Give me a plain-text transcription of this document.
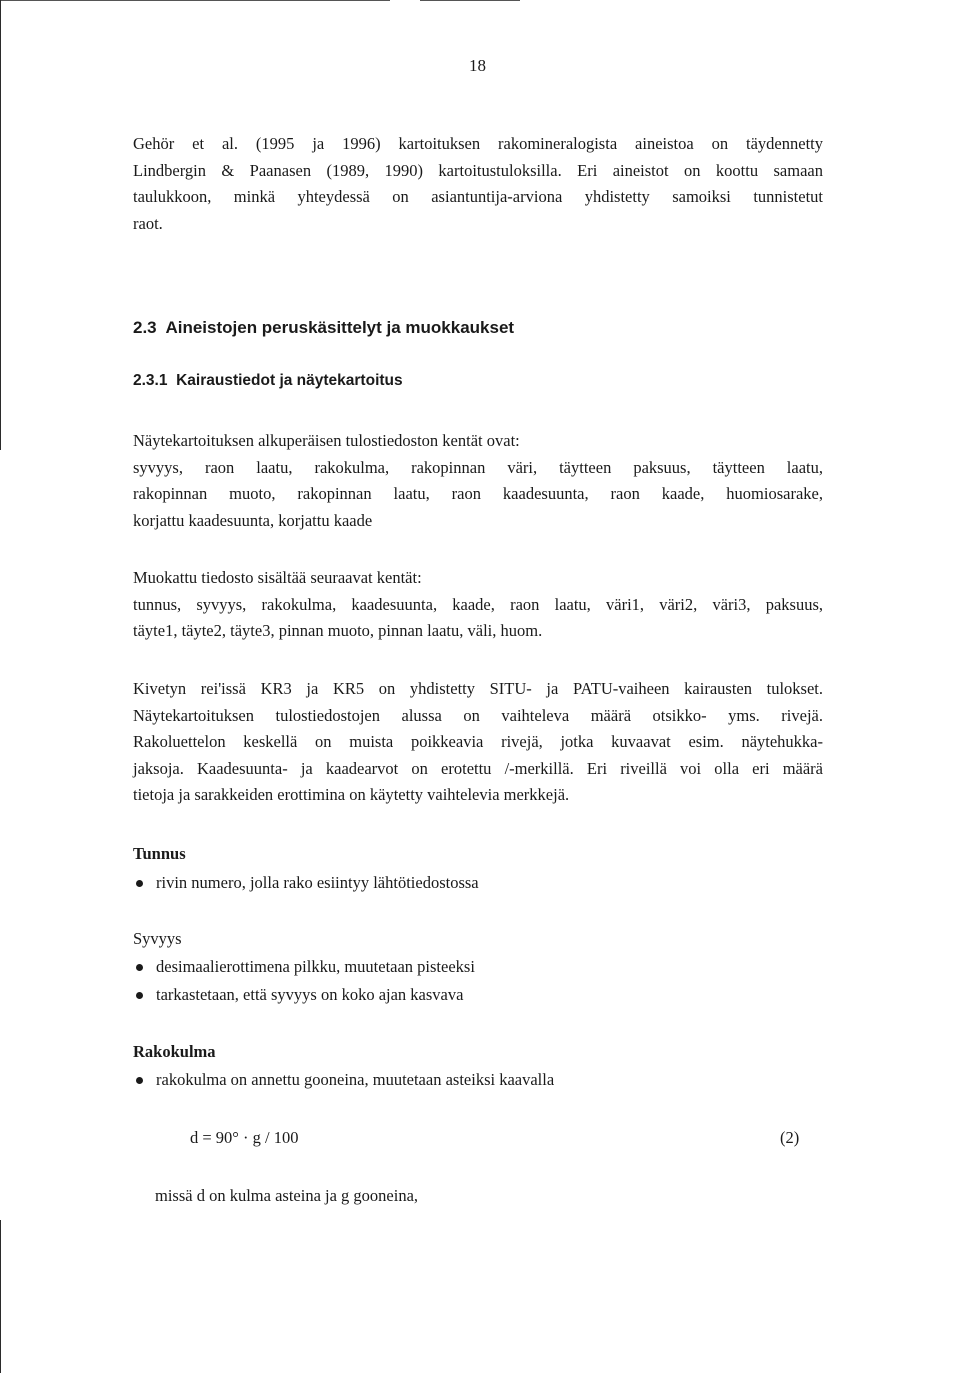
18

Gehör et al. (1995 ja 1996) kartoituksen rakomineralogista aineistoa on täydennetty
Lindbergin & Paanasen (1989, 1990) kartoitustuloksilla. Eri aineistot on koottu samaan
taulukkoon, minkä yhteydessä on asiantuntija-arviona yhdistetty samoiksi tunnistetut
raot.

2.3  Aineistojen peruskäsittelyt ja muokkaukset
2.3.1  Kairaustiedot ja näytekartoitus

Näytekartoituksen alkuperäisen tulostiedoston kentät ovat:
syvyys, raon laatu, rakokulma, rakopinnan väri, täytteen paksuus, täytteen laatu,
rakopinnan muoto, rakopinnan laatu, raon kaadesuunta, raon kaade, huomiosarake,
korjattu kaadesuunta, korjattu kaade

Muokattu tiedosto sisältää seuraavat kentät:
tunnus, syvyys, rakokulma, kaadesuunta, kaade, raon laatu, väri1, väri2, väri3, paksuus,
täyte1, täyte2, täyte3, pinnan muoto, pinnan laatu, väli, huom.

Kivetyn rei'issä KR3 ja KR5 on yhdistetty SITU- ja PATU-vaiheen kairausten tulokset.
Näytekartoituksen tulostiedostojen alussa on vaihteleva määrä otsikko- yms. rivejä.
Rakoluettelon keskellä on muista poikkeavia rivejä, jotka kuvaavat esim. näytehukka-
jaksoja. Kaadesuunta- ja kaadearvot on erotettu /-merkillä. Eri riveillä voi olla eri määrä
tietoja ja sarakkeiden erottimina on käytetty vaihtelevia merkkejä.

Tunnus
rivin numero, jolla rako esiintyy lähtötiedostossa
Syvyys
desimaalierottimena pilkku, muutetaan pisteeksi
tarkastetaan, että syvyys on koko ajan kasvava
Rakokulma
rakokulma on annettu gooneina, muutetaan asteiksi kaavalla
d = 90° · g / 100	(2)
missä d on kulma asteina ja g gooneina,
